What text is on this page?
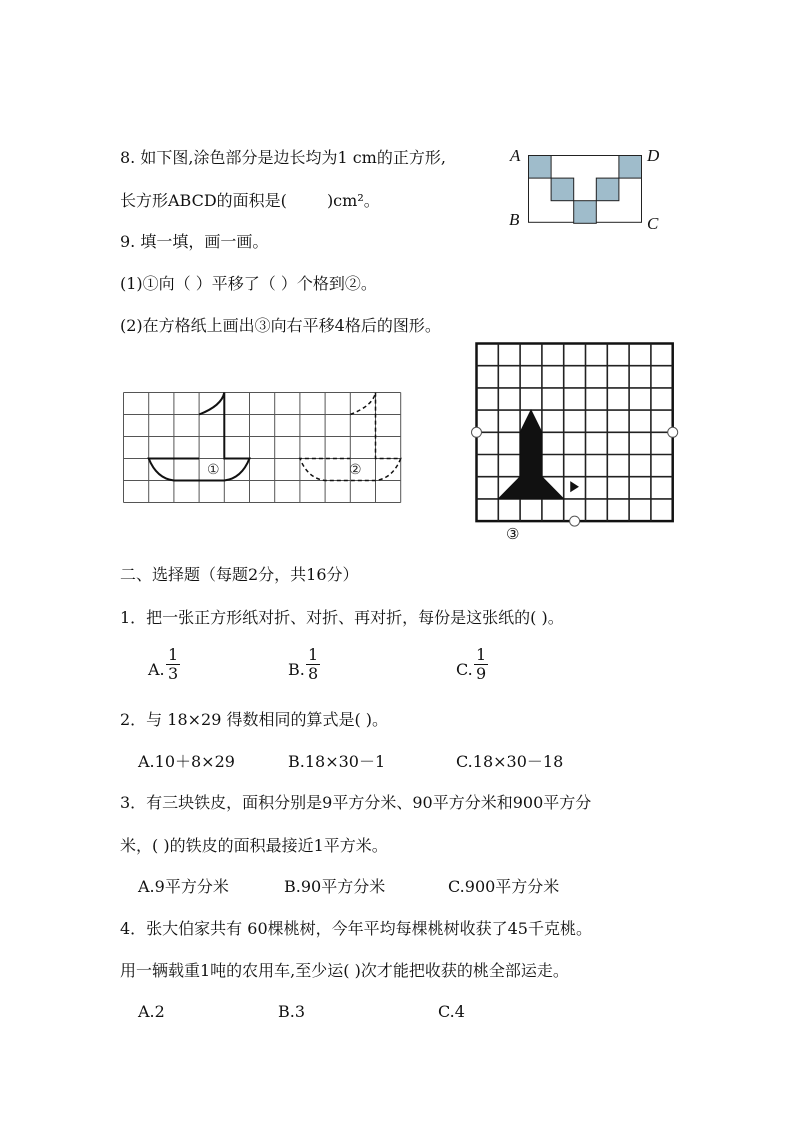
8. 如下图,涂色部分是边长均为1 cm的正方形,
长方形ABCD的面积是(	)cm²。
A	D
B	C
9. 填一填，画一画。
(1)①向（ ）平移了（ ）个格到②。
(2)在方格纸上画出③向右平移4格后的图形。
①	②
③
二、选择题（每题2分，共16分）
1．把一张正方形纸对折、对折、再对折，每份是这张纸的( )。
A. $\frac{1}{3}$	B. $\frac{1}{8}$	C. $\frac{1}{9}$
2．与 18×29 得数相同的算式是( )。
A.10＋8×29	B.18×30－1	C.18×30－18
3．有三块铁皮，面积分别是9平方分米、90平方分米和900平方分
米，( )的铁皮的面积最接近1平方米。
A.9平方分米	B.90平方分米	C.900平方分米
4．张大伯家共有 60棵桃树，今年平均每棵桃树收获了45千克桃。
用一辆载重1吨的农用车,至少运( )次才能把收获的桃全部运走。
A.2	B.3	C.4
